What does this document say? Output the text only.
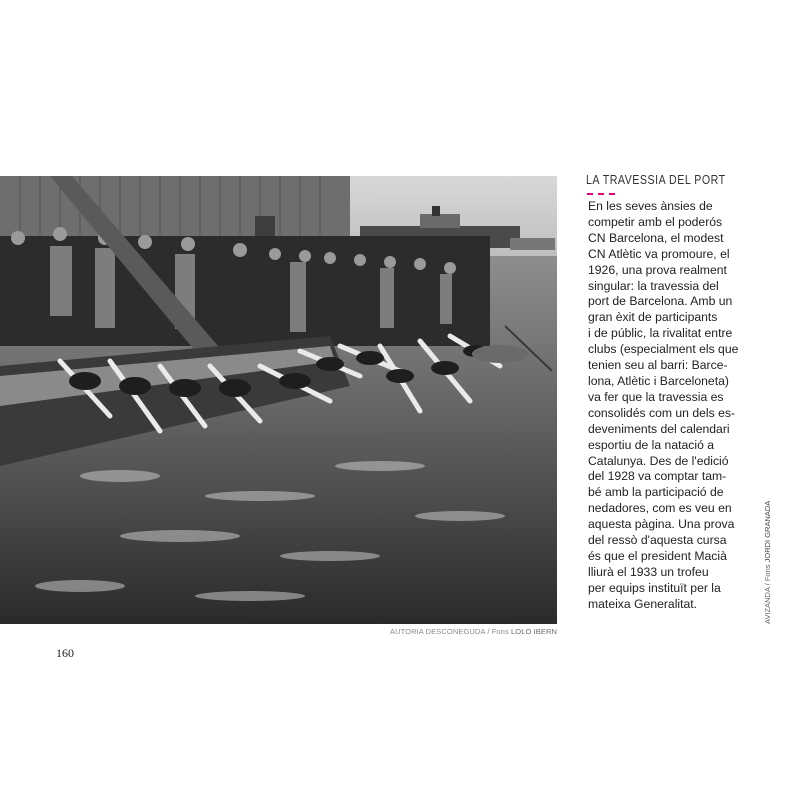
AUTORIA DESCONEGUDA / Fons LOLO IBERN
160
LA TRAVESSIA DEL PORT
En les seves ànsies de
competir amb el poderós
CN Barcelona, el modest
CN Atlètic va promoure, el
1926, una prova realment
singular: la travessia del
port de Barcelona. Amb un
gran èxit de participants
i de públic, la rivalitat entre
clubs (especialment els que
tenien seu al barri: Barce-
lona, Atlètic i Barceloneta)
va fer que la travessia es
consolidés com un dels es-
deveniments del calendari
esportiu de la natació a
Catalunya. Des de l'edició
del 1928 va comptar tam-
bé amb la participació de
nedadores, com es veu en
aquesta pàgina. Una prova
del ressò d'aquesta cursa
és que el president Macià
lliurà el 1933 un trofeu
per equips instituït per la
mateixa Generalitat.	AVIZANDA / Fons JORDI GRANADA
